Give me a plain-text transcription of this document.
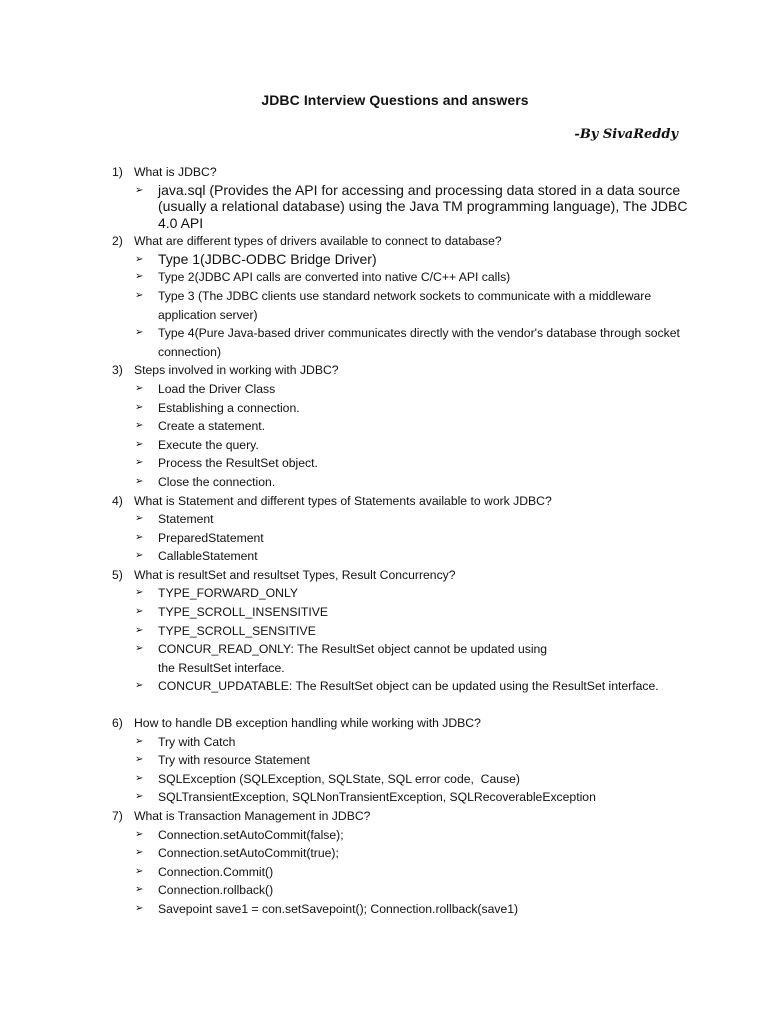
JDBC Interview Questions and answers
-By SivaReddy
1) What is JDBC?
➢	java.sql (Provides the API for accessing and processing data stored in a data source (usually a relational database) using the Java TM programming language), The JDBC 4.0 API
2) What are different types of drivers available to connect to database?
➢	Type 1(JDBC-ODBC Bridge Driver)
➢	Type 2(JDBC API calls are converted into native C/C++ API calls)
➢	Type 3 (The JDBC clients use standard network sockets to communicate with a middleware application server)
➢	Type 4(Pure Java-based driver communicates directly with the vendor's database through socket connection)
3) Steps involved in working with JDBC?
➢	Load the Driver Class
➢	Establishing a connection.
➢	Create a statement.
➢	Execute the query.
➢	Process the ResultSet object.
➢	Close the connection.
4) What is Statement and different types of Statements available to work JDBC?
➢	Statement
➢	PreparedStatement
➢	CallableStatement
5) What is resultSet and resultset Types, Result Concurrency?
➢	TYPE_FORWARD_ONLY
➢	TYPE_SCROLL_INSENSITIVE
➢	TYPE_SCROLL_SENSITIVE
➢	CONCUR_READ_ONLY: The ResultSet object cannot be updated using the ResultSet interface.
➢	CONCUR_UPDATABLE: The ResultSet object can be updated using the ResultSet interface.
6) How to handle DB exception handling while working with JDBC?
➢	Try with Catch
➢	Try with resource Statement
➢	SQLException (SQLException, SQLState, SQL error code,  Cause)
➢	SQLTransientException, SQLNonTransientException, SQLRecoverableException
7) What is Transaction Management in JDBC?
➢	Connection.setAutoCommit(false);
➢	Connection.setAutoCommit(true);
➢	Connection.Commit()
➢	Connection.rollback()
➢	Savepoint save1 = con.setSavepoint(); Connection.rollback(save1)
